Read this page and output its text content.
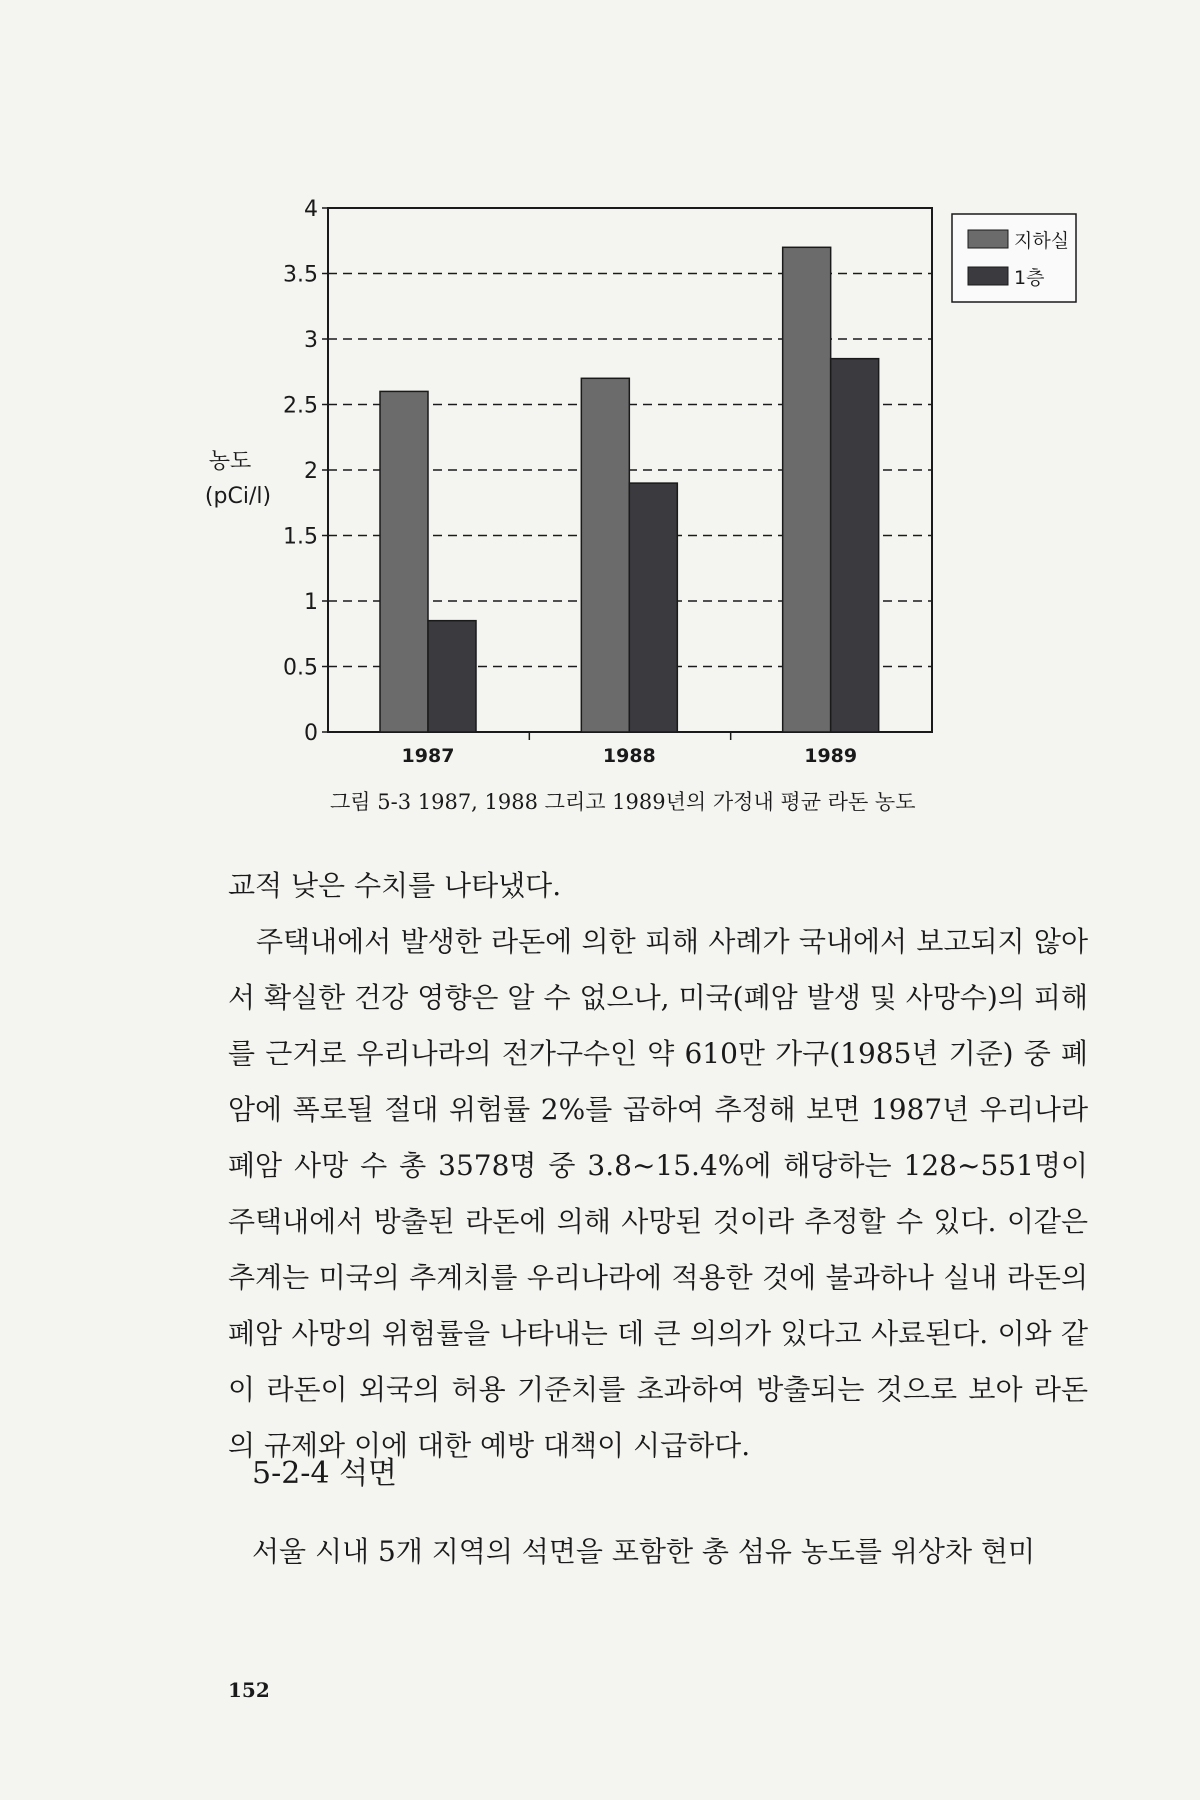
4
3.5
3
2.5
2
1.5
1
0.5
0
1987	1988	1989
농도
(pCi/l)
지하실
1층
그림 5-3 1987, 1988 그리고 1989년의 가정내 평균 라돈 농도

교적 낮은 수치를 나타냈다.

주택내에서 발생한 라돈에 의한 피해 사례가 국내에서 보고되지 않아서 확실한 건강 영향은 알 수 없으나, 미국(폐암 발생 및 사망수)의 피해를 근거로 우리나라의 전가구수인 약 610만 가구(1985년 기준) 중 폐암에 폭로될 절대 위험률 2%를 곱하여 추정해 보면 1987년 우리나라 폐암 사망 수 총 3578명 중 3.8~15.4%에 해당하는 128~551명이 주택내에서 방출된 라돈에 의해 사망된 것이라 추정할 수 있다. 이같은 추계는 미국의 추계치를 우리나라에 적용한 것에 불과하나 실내 라돈의 폐암 사망의 위험률을 나타내는 데 큰 의의가 있다고 사료된다. 이와 같이 라돈이 외국의 허용 기준치를 초과하여 방출되는 것으로 보아 라돈의 규제와 이에 대한 예방 대책이 시급하다.

5-2-4 석면
서울 시내 5개 지역의 석면을 포함한 총 섬유 농도를 위상차 현미
152
